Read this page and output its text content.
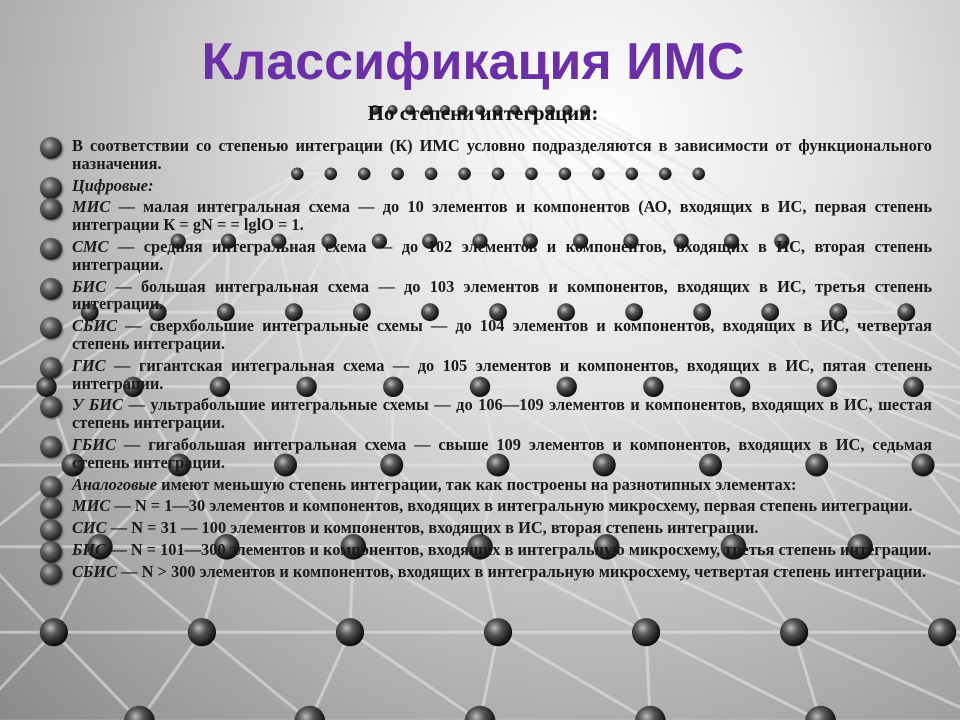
Классификация ИМС
По степени интеграции:
В соответствии со степенью интеграции (К) ИМС условно подразделяются в зависимости от функционального назначения.
Цифровые:
МИС — малая интегральная схема — до 10 элементов и компонентов (АО, входящих в ИС, первая степень интеграции К = gN = = lglO = 1.
СМС — средняя интегральная схема — до 102 элементов и компонентов, входящих в ИС, вторая степень интеграции.
БИС — большая интегральная схема — до 103 элементов и компонентов, входящих в ИС, третья степень интеграции.
СБИС — сверхбольшие интегральные схемы — до 104 элементов и компонентов, входящих в ИС, четвертая степень интеграции.
ГИС — гигантская интегральная схема — до 105 элементов и компонентов, входящих в ИС, пятая степень интеграции.
У БИС — ультрабольшие интегральные схемы — до 106—109 элементов и компонентов, входящих в ИС, шестая степень интеграции.
ГБИС — гигабольшая интегральная схема — свыше 109 элементов и компонентов, входящих в ИС, седьмая степень интеграции.
Аналоговые имеют меньшую степень интеграции, так как построены на разнотипных элементах:
МИС — N = 1—30 элементов и компонентов, входящих в интегральную микросхему, первая степень интеграции.
СИС — N = 31 — 100 элементов и компонентов, входящих в ИС, вторая степень интеграции.
БИС — N = 101—300 элементов и компонентов, входящих в интегральную микросхему, третья степень интеграции.
СБИС — N > 300 элементов и компонентов, входящих в интегральную микросхему, четвертая степень интеграции.
